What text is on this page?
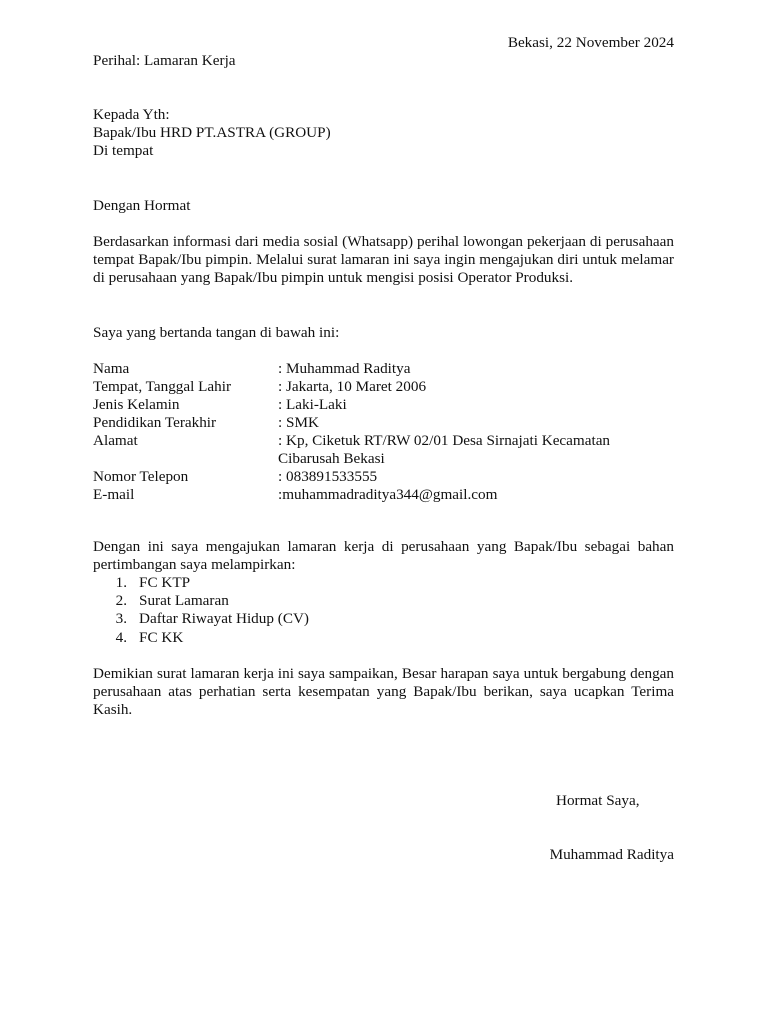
Bekasi, 22 November 2024
Perihal: Lamaran Kerja
Kepada Yth:
Bapak/Ibu HRD PT.ASTRA (GROUP)
Di tempat
Dengan Hormat
Berdasarkan informasi dari media sosial (Whatsapp) perihal lowongan pekerjaan di perusahaan tempat Bapak/Ibu pimpin. Melalui surat lamaran ini saya ingin mengajukan diri untuk melamar di perusahaan yang Bapak/Ibu pimpin untuk mengisi posisi Operator Produksi.
Saya yang bertanda tangan di bawah ini:
Nama	: Muhammad Raditya
Tempat, Tanggal Lahir	: Jakarta, 10 Maret 2006
Jenis Kelamin	: Laki-Laki
Pendidikan Terakhir	: SMK
Alamat	: Kp, Ciketuk RT/RW 02/01 Desa Sirnajati Kecamatan
Cibarusah Bekasi
Nomor Telepon	: 083891533555
E-mail	:muhammadraditya344@gmail.com
Dengan ini saya mengajukan lamaran kerja di perusahaan yang Bapak/Ibu sebagai bahan pertimbangan saya melampirkan:
1. FC KTP
2. Surat Lamaran
3. Daftar Riwayat Hidup (CV)
4. FC KK
Demikian surat lamaran kerja ini saya sampaikan, Besar harapan saya untuk bergabung dengan perusahaan atas perhatian serta kesempatan yang Bapak/Ibu berikan, saya ucapkan Terima Kasih.
Hormat Saya,
Muhammad Raditya
